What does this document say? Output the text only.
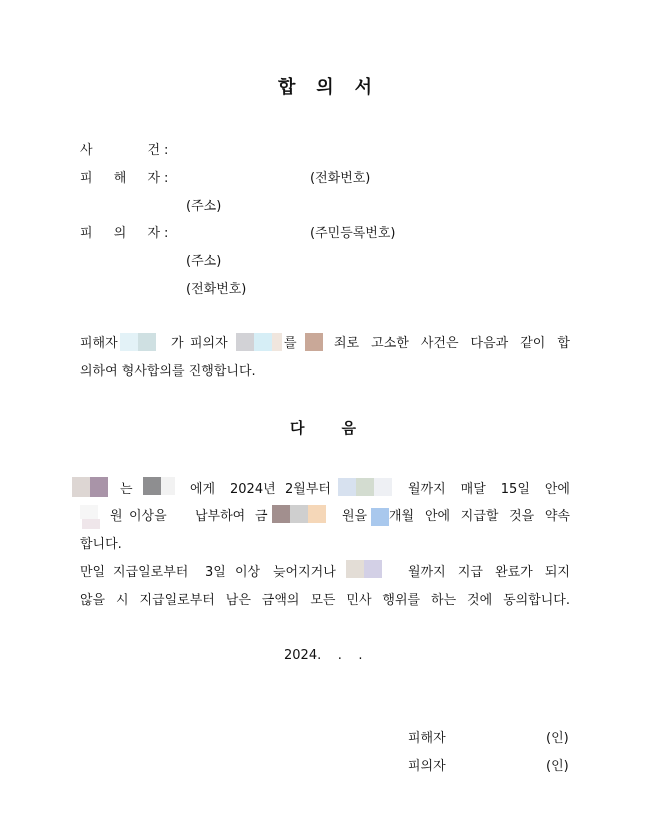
합 의 서
사	건 :
피 해 자 :	(전화번호)
(주소)
피 의 자 :	(주민등록번호)
(주소)
(전화번호)
피해자	가 피의자	를	죄로 고소한 사건은 다음과 같이 합
의하여 형사합의를 진행합니다.
다 음
는	에게 2024년 2월부터	월까지 매달 15일 안에
원 이상을 납부하여 금	원을 개월 안에 지급할 것을 약속
합니다.
만일 지급일로부터 3일 이상 늦어지거나	월까지 지급 완료가 되지
않을 시 지급일로부터 남은 금액의 모든 민사 행위를 하는 것에 동의합니다.
2024.    .    .
피해자	(인)
피의자	(인)
